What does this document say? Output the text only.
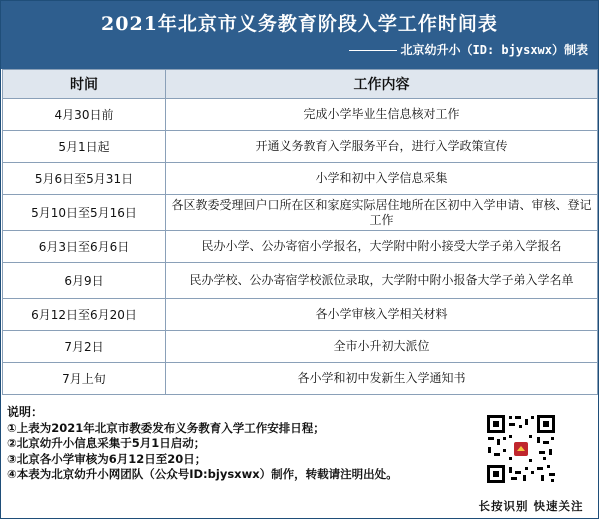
2021年北京市义务教育阶段入学工作时间表
北京幼升小（ID: bjysxwx）制表
时间	工作内容
4月30日前	完成小学毕业生信息核对工作
5月1日起	开通义务教育入学服务平台，进行入学政策宣传
5月6日至5月31日	小学和初中入学信息采集
5月10日至5月16日	各区教委受理回户口所在区和家庭实际居住地所在区初中入学申请、审核、登记工作
6月3日至6月6日	民办小学、公办寄宿小学报名，大学附中附小接受大学子弟入学报名
6月9日	民办学校、公办寄宿学校派位录取，大学附中附小报备大学子弟入学名单
6月12日至6月20日	各小学审核入学相关材料
7月2日	全市小升初大派位
7月上旬	各小学和初中发新生入学通知书
说明：
①上表为2021年北京市教委发布义务教育入学工作安排日程；
②北京幼升小信息采集于5月1日启动；
③北京各小学审核为6月12日至20日；
④本表为北京幼升小网团队（公众号ID:bjysxwx）制作，转载请注明出处。
长按识别 快速关注
